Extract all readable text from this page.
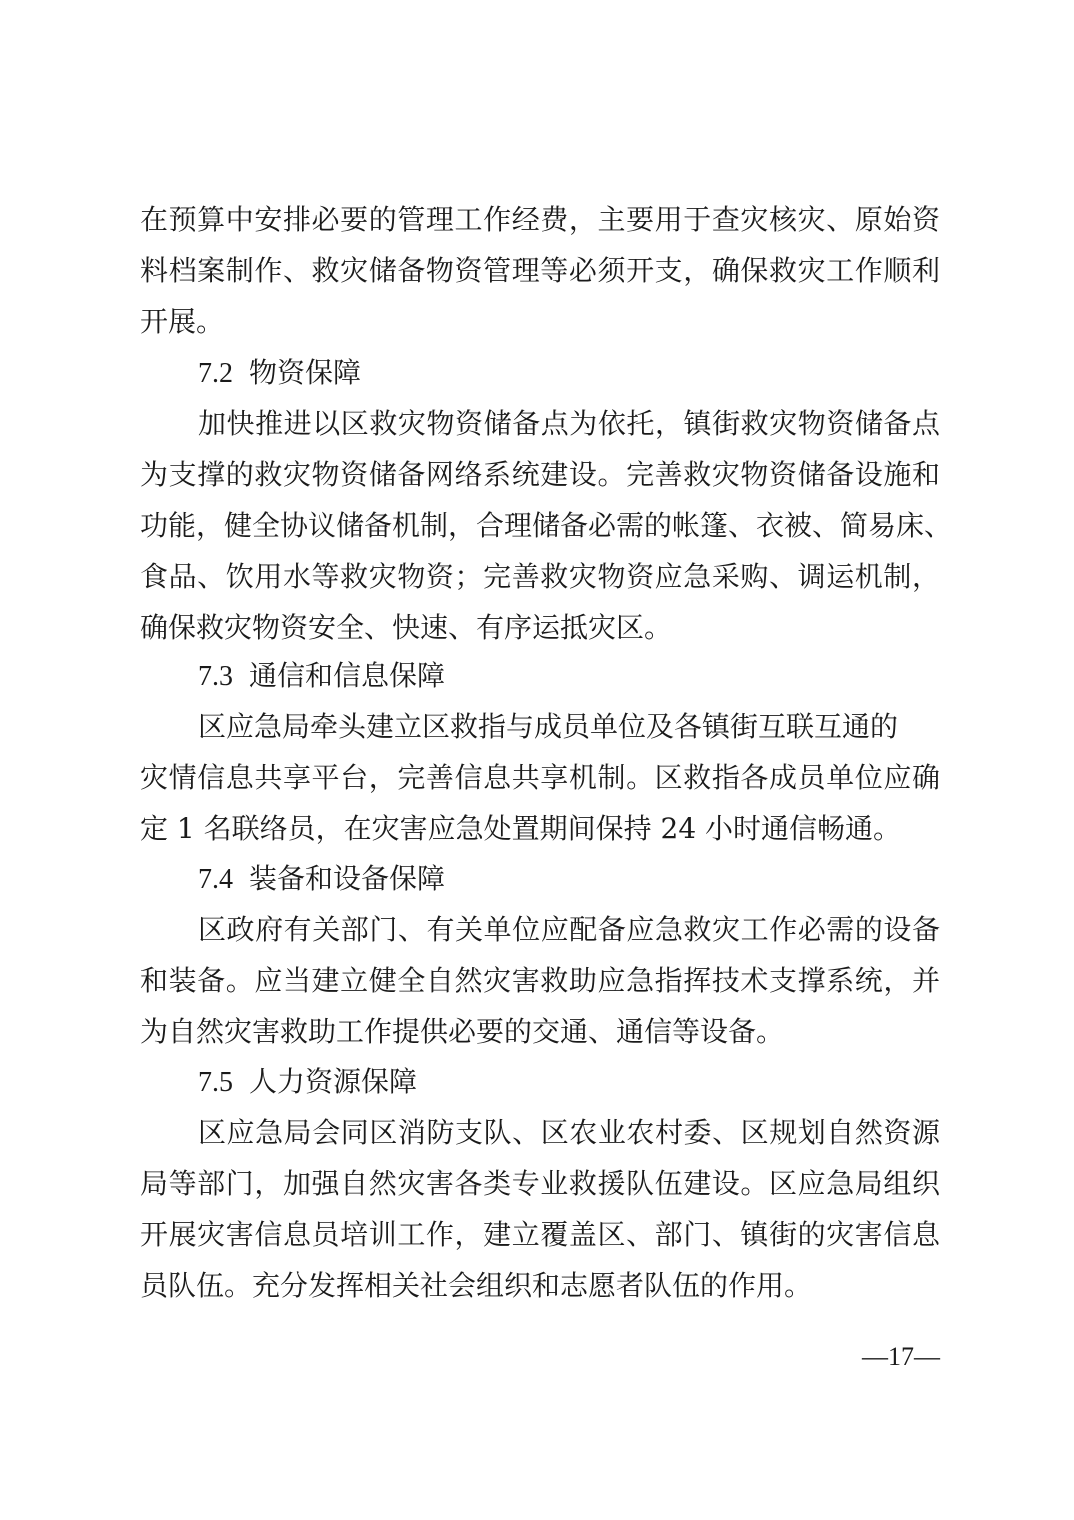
在预算中安排必要的管理工作经费，主要用于查灾核灾、原始资
料档案制作、救灾储备物资管理等必须开支，确保救灾工作顺利
开展。
7.2 物资保障
加快推进以区救灾物资储备点为依托，镇街救灾物资储备点
为支撑的救灾物资储备网络系统建设。完善救灾物资储备设施和
功能，健全协议储备机制，合理储备必需的帐篷、衣被、简易床、
食品、饮用水等救灾物资；完善救灾物资应急采购、调运机制，
确保救灾物资安全、快速、有序运抵灾区。
7.3 通信和信息保障
区应急局牵头建立区救指与成员单位及各镇街互联互通的
灾情信息共享平台，完善信息共享机制。区救指各成员单位应确
定 1 名联络员，在灾害应急处置期间保持 24 小时通信畅通。
7.4 装备和设备保障
区政府有关部门、有关单位应配备应急救灾工作必需的设备
和装备。应当建立健全自然灾害救助应急指挥技术支撑系统，并
为自然灾害救助工作提供必要的交通、通信等设备。
7.5 人力资源保障
区应急局会同区消防支队、区农业农村委、区规划自然资源
局等部门，加强自然灾害各类专业救援队伍建设。区应急局组织
开展灾害信息员培训工作，建立覆盖区、部门、镇街的灾害信息
员队伍。充分发挥相关社会组织和志愿者队伍的作用。
—17—
